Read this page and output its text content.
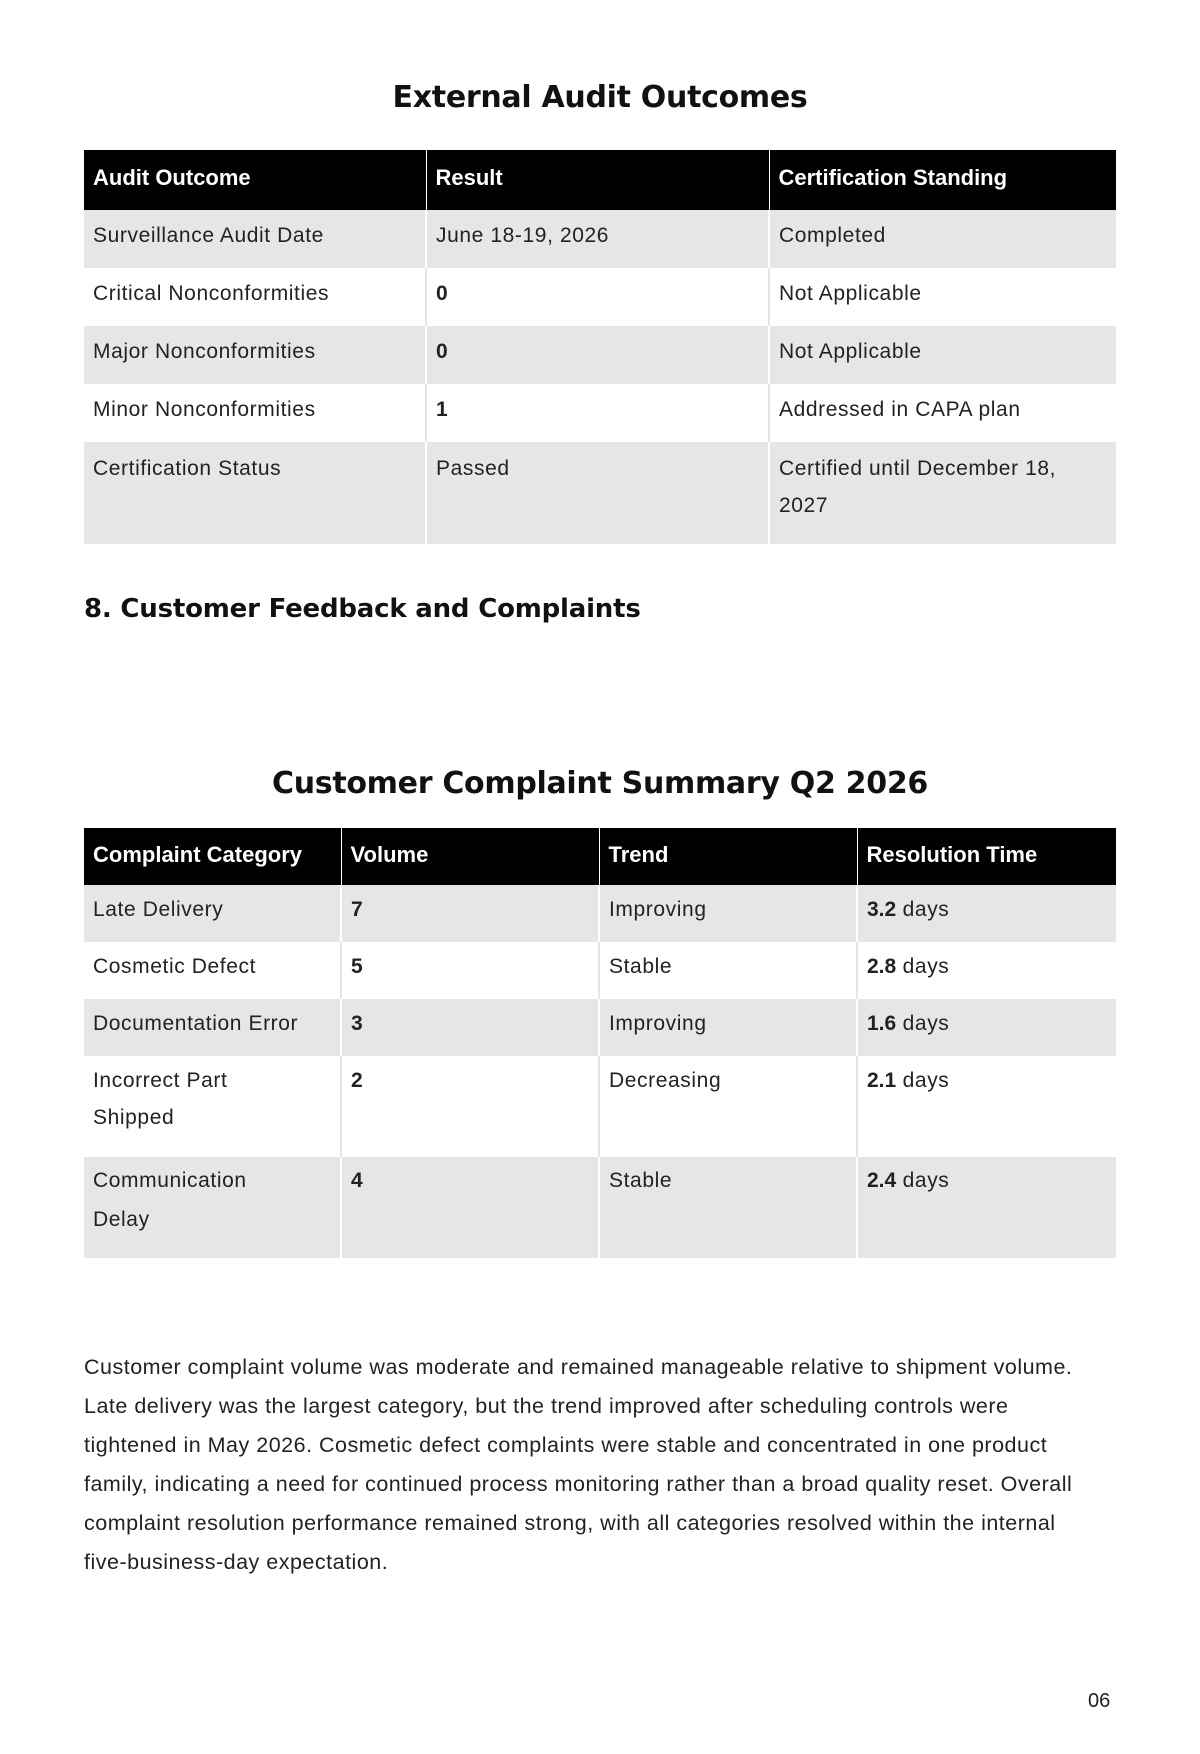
External Audit Outcomes
Audit Outcome	Result	Certification Standing
Surveillance Audit Date	June 18-19, 2026	Completed
Critical Nonconformities	0	Not Applicable
Major Nonconformities	0	Not Applicable
Minor Nonconformities	1	Addressed in CAPA plan
Certification Status	Passed	Certified until December 18, 2027
8. Customer Feedback and Complaints
Customer Complaint Summary Q2 2026
Complaint Category	Volume	Trend	Resolution Time
Late Delivery	7	Improving	3.2 days
Cosmetic Defect	5	Stable	2.8 days
Documentation Error	3	Improving	1.6 days
Incorrect Part Shipped	2	Decreasing	2.1 days
Communication Delay	4	Stable	2.4 days

Customer complaint volume was moderate and remained manageable relative to shipment volume. Late delivery was the largest category, but the trend improved after scheduling controls were tightened in May 2026. Cosmetic defect complaints were stable and concentrated in one product family, indicating a need for continued process monitoring rather than a broad quality reset. Overall complaint resolution performance remained strong, with all categories resolved within the internal five-business-day expectation.

06
